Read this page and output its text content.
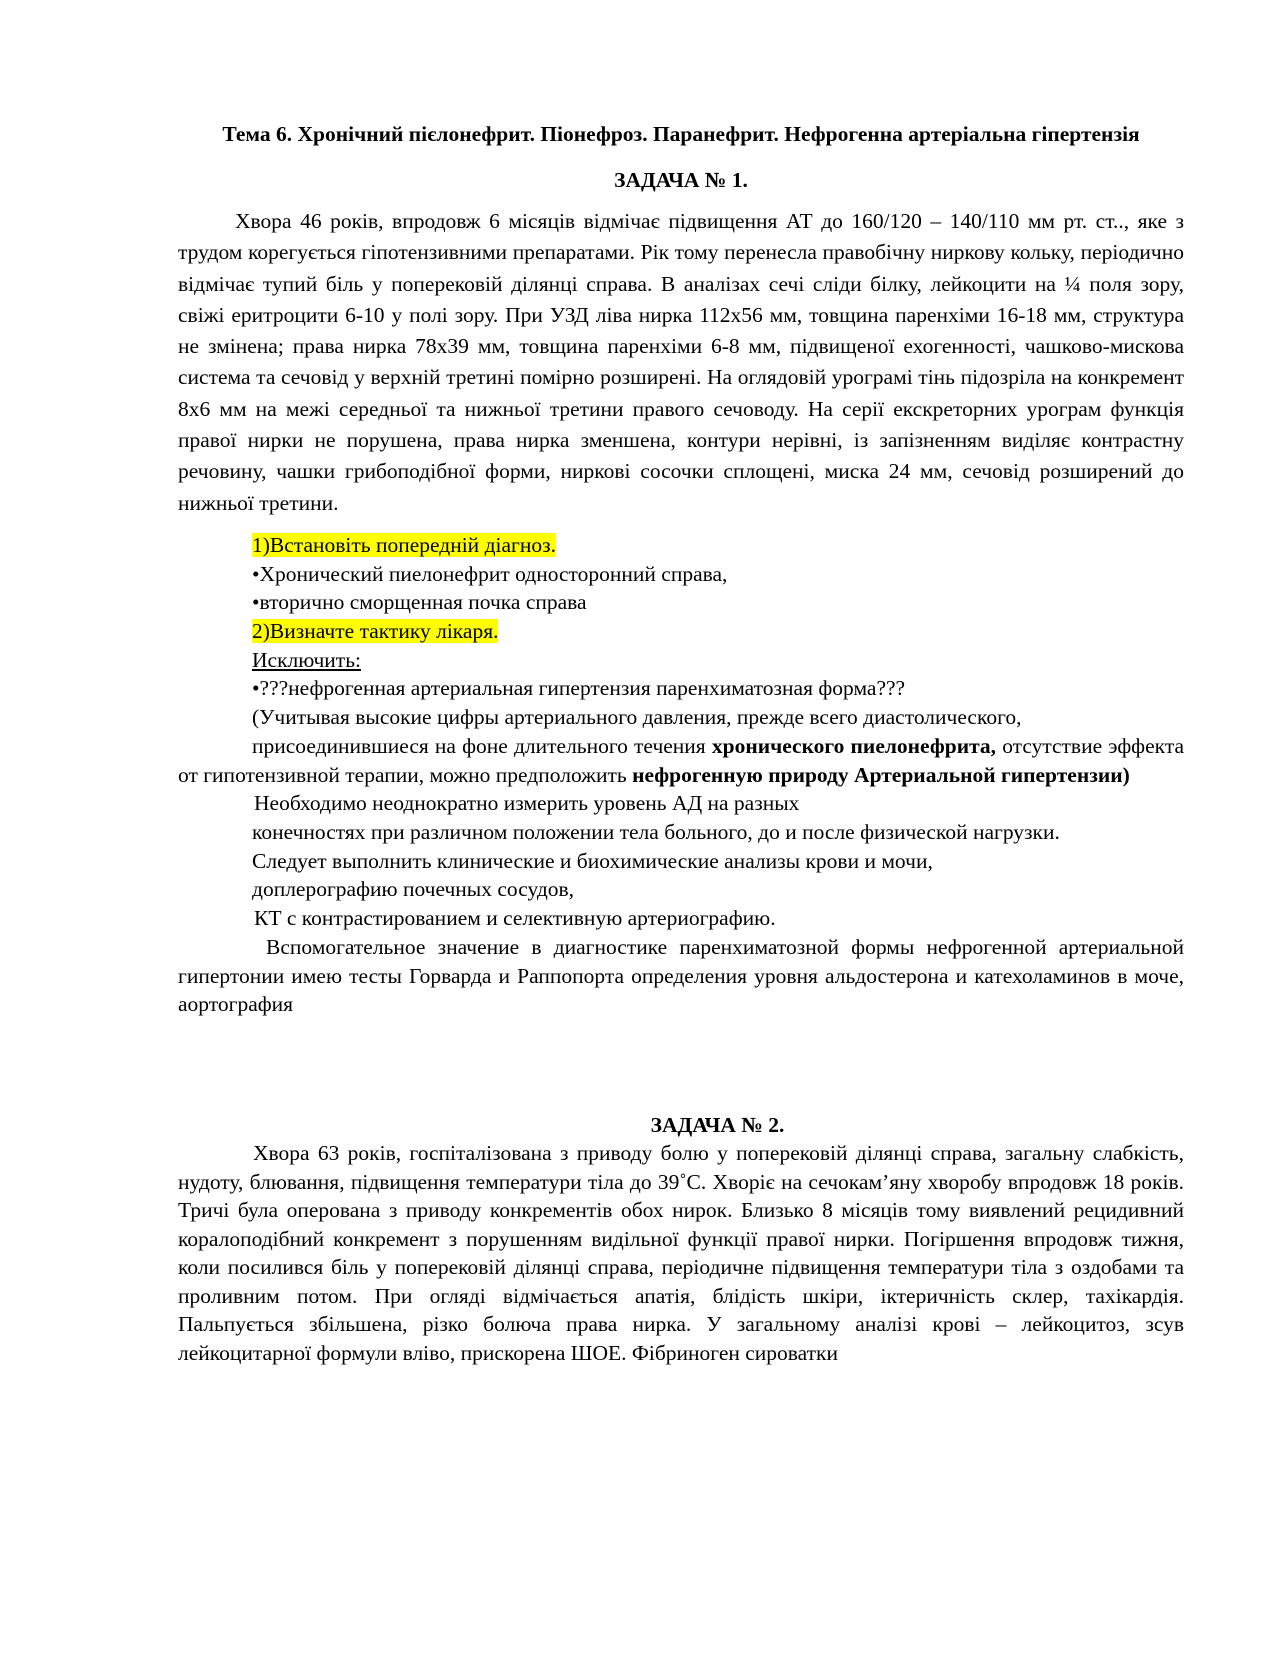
Тема 6. Хронічний пієлонефрит. Піонефроз. Паранефрит. Нефрогенна артеріальна гіпертензія
ЗАДАЧА № 1.

Хвора 46 років, впродовж 6 місяців відмічає підвищення АТ до 160/120 – 140/110 мм рт. ст.., яке з трудом корегується гіпотензивними препаратами. Рік тому перенесла правобічну ниркову кольку, періодично відмічає тупий біль у поперековій ділянці справа. В аналізах сечі сліди білку, лейкоцити на ¼ поля зору, свіжі еритроцити 6-10 у полі зору. При УЗД ліва нирка 112х56 мм, товщина паренхіми 16-18 мм, структура не змінена; права нирка 78х39 мм, товщина паренхіми 6-8 мм, підвищеної ехогенності, чашково-мискова система та сечовід у верхній третині помірно розширені. На оглядовій урограмі тінь підозріла на конкремент 8х6 мм на межі середньої та нижньої третини правого сечоводу. На серії екскреторних урограм функція правої нирки не порушена, права нирка зменшена, контури нерівні, із запізненням виділяє контрастну речовину, чашки грибоподібної форми, ниркові сосочки сплощені, миска 24 мм, сечовід розширений до нижньої третини.

1)Встановіть попередній діагноз.
•Хронический пиелонефрит односторонний справа,
•вторично сморщенная почка справа
2)Визначте тактику лікаря.
Исключить:
•???нефрогенная артериальная гипертензия паренхиматозная форма???
(Учитывая высокие цифры артериального давления, прежде всего диастолического,
присоединившиеся на фоне длительного течения хронического пиелонефрита, отсутствие эффекта от гипотензивной терапии, можно предположить нефрогенную природу Артериальной гипертензии)
Необходимо неоднократно измерить уровень АД на разных
конечностях при различном положении тела больного, до и после физической нагрузки.
Следует выполнить клинические и биохимические анализы крови и мочи,
доплерографию почечных сосудов,
КТ с контрастированием и селективную артериографию.

Вспомогательное значение в диагностике паренхиматозной формы нефрогенной артериальной гипертонии имею тесты Горварда и Раппопорта определения уровня альдостерона и катехоламинов в моче, аортография

ЗАДАЧА № 2.

Хвора 63 років, госпіталізована з приводу болю у поперековій ділянці справа, загальну слабкість, нудоту, блювання, підвищення температури тіла до 39˚С. Хворіє на сечокам’яну хворобу впродовж 18 років. Тричі була оперована з приводу конкрементів обох нирок. Близько 8 місяців тому виявлений рецидивний коралоподібний конкремент з порушенням видільної функції правої нирки. Погіршення впродовж тижня, коли посилився біль у поперековій ділянці справа, періодичне підвищення температури тіла з оздобами та проливним потом. При огляді відмічається апатія, блідість шкіри, іктеричність склер, тахікардія. Пальпується збільшена, різко болюча права нирка. У загальному аналізі крові – лейкоцитоз, зсув лейкоцитарної формули вліво, прискорена ШОЕ. Фібриноген сироватки
